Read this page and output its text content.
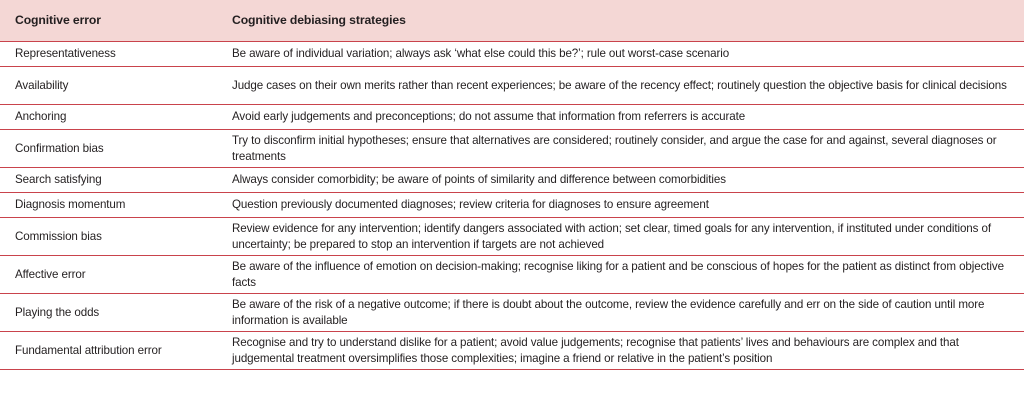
Cognitive error	Cognitive debiasing strategies
Representativeness	Be aware of individual variation; always ask ‘what else could this be?’; rule out worst-case scenario
Availability	Judge cases on their own merits rather than recent experiences; be aware of the recency effect; routinely question the objective basis for clinical decisions
Anchoring	Avoid early judgements and preconceptions; do not assume that information from referrers is accurate
Confirmation bias	Try to disconfirm initial hypotheses; ensure that alternatives are considered; routinely consider, and argue the case for and against, several diagnoses or treatments
Search satisfying	Always consider comorbidity; be aware of points of similarity and difference between comorbidities
Diagnosis momentum	Question previously documented diagnoses; review criteria for diagnoses to ensure agreement
Commission bias	Review evidence for any intervention; identify dangers associated with action; set clear, timed goals for any intervention, if instituted under conditions of uncertainty; be prepared to stop an intervention if targets are not achieved
Affective error	Be aware of the influence of emotion on decision-making; recognise liking for a patient and be conscious of hopes for the patient as distinct from objective facts
Playing the odds	Be aware of the risk of a negative outcome; if there is doubt about the outcome, review the evidence carefully and err on the side of caution until more information is available
Fundamental attribution error	Recognise and try to understand dislike for a patient; avoid value judgements; recognise that patients’ lives and behaviours are complex and that judgemental treatment oversimplifies those complexities; imagine a friend or relative in the patient’s position
